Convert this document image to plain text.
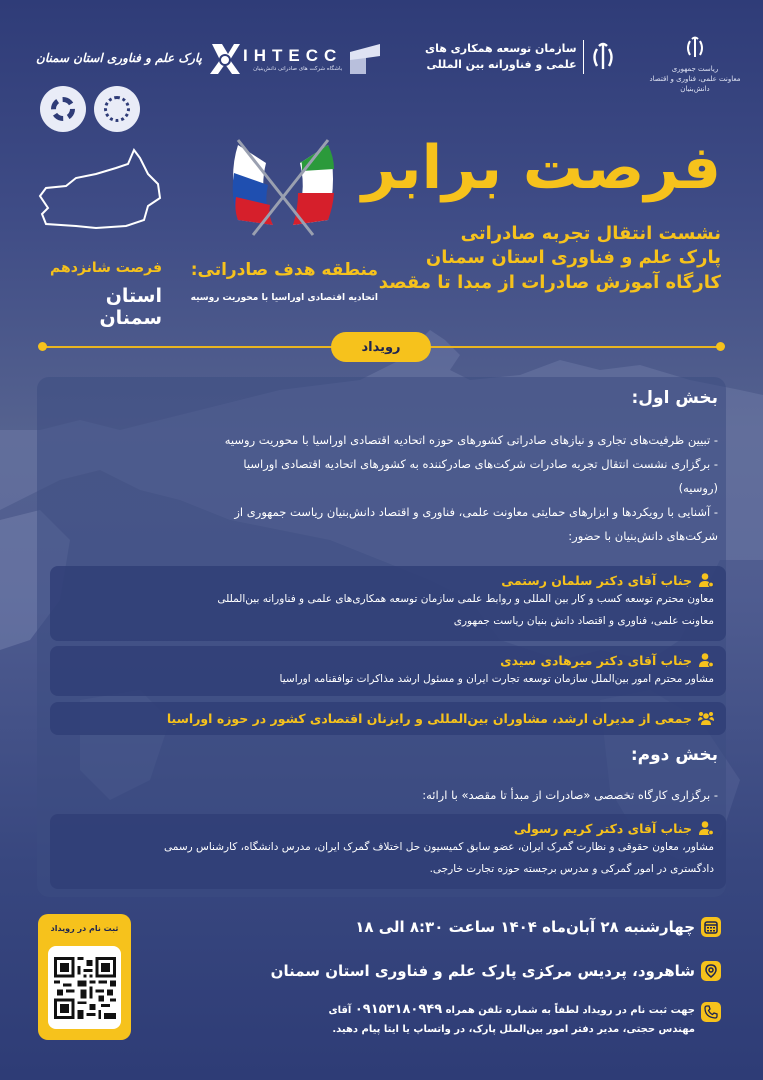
ریاست جمهوری
معاونت علمی، فناوری و اقتصاد دانش‌بنیان
سازمان توسعه همکاری های
علمی و فناورانه بین المللی
IHTECC
باشگاه شرکت های صادراتی دانش‌بنیان
پارک علم و فناوری استان سمنان
فرصت برابر
نشست انتقال تجربه صادراتی
پارک علم و فناوری استان سمنان
کارگاه آموزش صادرات از مبدا تا مقصد
منطقه هدف صادراتی:
اتحادیه اقتصادی اوراسیا با محوریت روسیه
فرصت شانزدهم
استان سمنان
رویداد
بخش اول:
- تبیین ظرفیت‌های تجاری و نیازهای صادراتی کشورهای حوزه اتحادیه اقتصادی اوراسیا با محوریت روسیه
- برگزاری نشست انتقال تجربه صادرات شرکت‌های صادرکننده به کشورهای اتحادیه اقتصادی اوراسیا
(روسیه)
- آشنایی با رویکردها و ابزارهای حمایتی معاونت علمی، فناوری و اقتصاد دانش‌بنیان ریاست جمهوری از
شرکت‌های دانش‌بنیان با حضور:
جناب آقای دکتر سلمان رستمی
معاون محترم توسعه کسب و کار بین المللی و روابط علمی سازمان توسعه همکاری‌های علمی و فناورانه بین‌المللی
معاونت علمی، فناوری و اقتصاد دانش بنیان ریاست جمهوری
جناب آقای دکتر میرهادی سیدی
مشاور محترم امور بین‌الملل سازمان توسعه تجارت ایران و مسئول ارشد مذاکرات توافقنامه اوراسیا
جمعی از مدیران ارشد، مشاوران بین‌المللی و رایزنان اقتصادی کشور در حوزه اوراسیا
بخش دوم:
- برگزاری کارگاه تخصصی «صادرات از مبدأ تا مقصد» با ارائه:
جناب آقای دکتر کریم رسولی
مشاور، معاون حقوقی و نظارت گمرک ایران، عضو سابق کمیسیون حل اختلاف گمرک ایران، مدرس دانشگاه، کارشناس رسمی
دادگستری در امور گمرکی و مدرس برجسته حوزه تجارت خارجی.
چهارشنبه ۲۸ آبان‌ماه ۱۴۰۴ ساعت ۸:۳۰ الی ۱۸
شاهرود، پردیس مرکزی پارک علم و فناوری استان سمنان
جهت ثبت نام در رویداد لطفاً به شماره تلفن همراه ۰۹۱۵۳۱۸۰۹۴۹ آقای
مهندس حجتی، مدیر دفتر امور بین‌الملل پارک، در واتساپ یا ایتا پیام دهید.
ثبت نام در رویداد
